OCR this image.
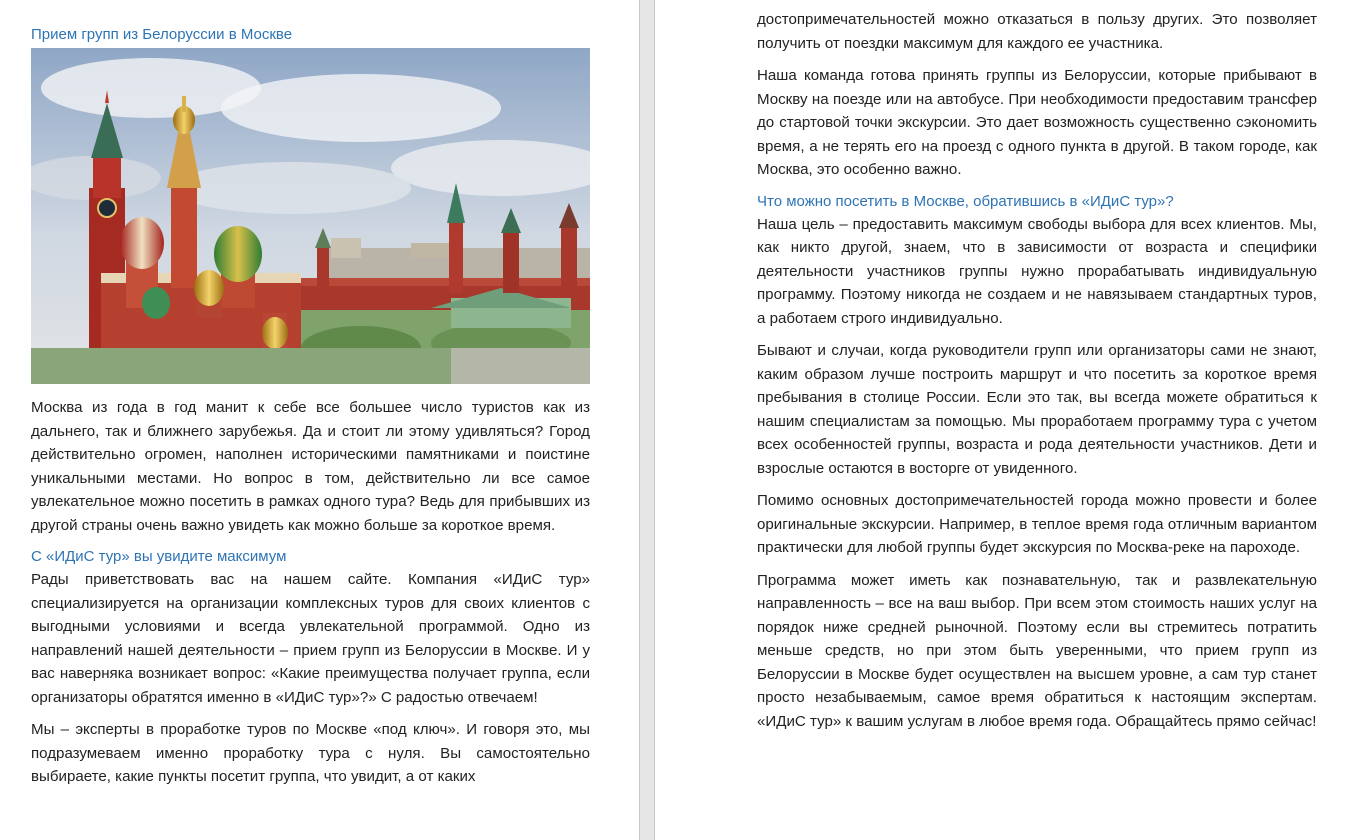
Прием групп из Белоруссии в Москве

Москва из года в год манит к себе все большее число туристов как из дальнего, так и ближнего зарубежья. Да и стоит ли этому удивляться? Город действительно огромен, наполнен историческими памятниками и поистине уникальными местами. Но вопрос в том, действительно ли все самое увлекательное можно посетить в рамках одного тура? Ведь для прибывших из другой страны очень важно увидеть как можно больше за короткое время.

С «ИДиС тур» вы увидите максимум

Рады приветствовать вас на нашем сайте. Компания «ИДиС тур» специализируется на организации комплексных туров для своих клиентов с выгодными условиями и всегда увлекательной программой. Одно из направлений нашей деятельности – прием групп из Белоруссии в Москве. И у вас наверняка возникает вопрос: «Какие преимущества получает группа, если организаторы обратятся именно в «ИДиС тур»?» С радостью отвечаем!

Мы – эксперты в проработке туров по Москве «под ключ». И говоря это, мы подразумеваем именно проработку тура с нуля. Вы самостоятельно выбираете, какие пункты посетит группа, что увидит, а от каких

достопримечательностей можно отказаться в пользу других. Это позволяет получить от поездки максимум для каждого ее участника.

Наша команда готова принять группы из Белоруссии, которые прибывают в Москву на поезде или на автобусе. При необходимости предоставим трансфер до стартовой точки экскурсии. Это дает возможность существенно сэкономить время, а не терять его на проезд с одного пункта в другой. В таком городе, как Москва, это особенно важно.

Что можно посетить в Москве, обратившись в «ИДиС тур»?

Наша цель – предоставить максимум свободы выбора для всех клиентов. Мы, как никто другой, знаем, что в зависимости от возраста и специфики деятельности участников группы нужно прорабатывать индивидуальную программу. Поэтому никогда не создаем и не навязываем стандартных туров, а работаем строго индивидуально.

Бывают и случаи, когда руководители групп или организаторы сами не знают, каким образом лучше построить маршрут и что посетить за короткое время пребывания в столице России. Если это так, вы всегда можете обратиться к нашим специалистам за помощью. Мы проработаем программу тура с учетом всех особенностей группы, возраста и рода деятельности участников. Дети и взрослые остаются в восторге от увиденного.

Помимо основных достопримечательностей города можно провести и более оригинальные экскурсии. Например, в теплое время года отличным вариантом практически для любой группы будет экскурсия по Москва-реке на пароходе.

Программа может иметь как познавательную, так и развлекательную направленность – все на ваш выбор. При всем этом стоимость наших услуг на порядок ниже средней рыночной. Поэтому если вы стремитесь потратить меньше средств, но при этом быть уверенными, что прием групп из Белоруссии в Москве будет осуществлен на высшем уровне, а сам тур станет просто незабываемым, самое время обратиться к настоящим экспертам. «ИДиС тур» к вашим услугам в любое время года. Обращайтесь прямо сейчас!
